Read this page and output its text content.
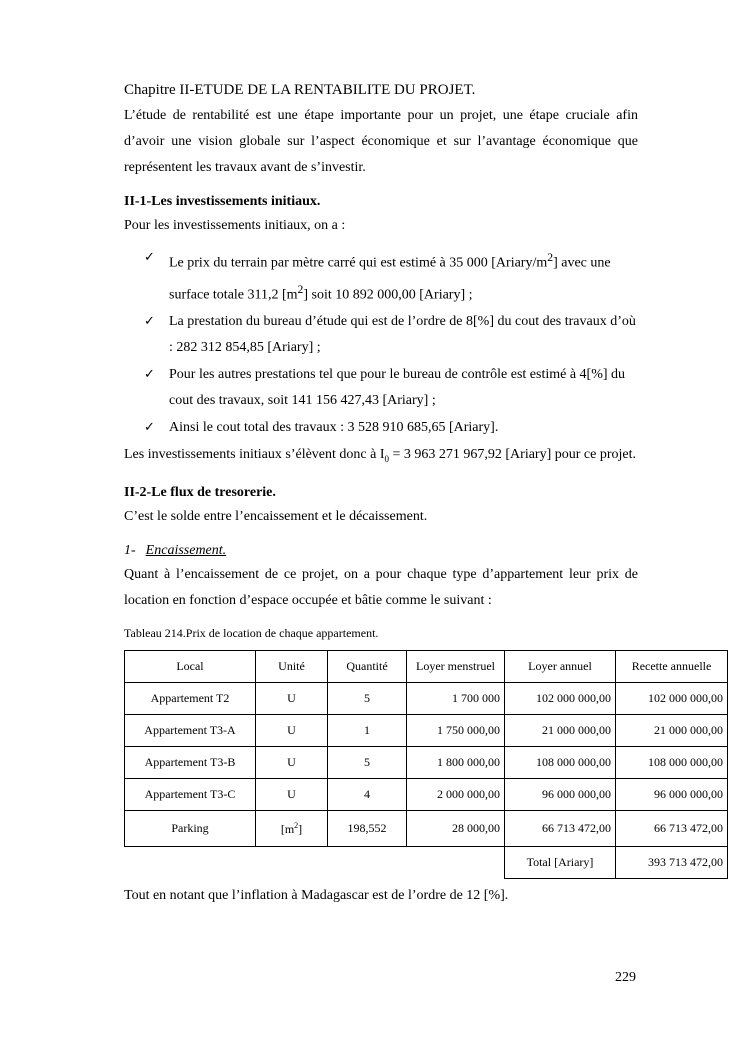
Chapitre II-ETUDE DE LA RENTABILITE DU PROJET.

L’étude de rentabilité est une étape importante pour un projet, une étape cruciale afin d’avoir une vision globale sur l’aspect économique et sur l’avantage économique que représentent les travaux avant de s’investir.

II-1-Les investissements initiaux.

Pour les investissements initiaux, on a :

✓ Le prix du terrain par mètre carré qui est estimé à 35 000 $[Ariary/m^2]$ avec une surface totale 311,2 $[m^2]$ soit 10 892 000,00 [Ariary] ;
✓ La prestation du bureau d’étude qui est de l’ordre de 8[%] du cout des travaux d’où : 282 312 854,85 [Ariary] ;
✓ Pour les autres prestations tel que pour le bureau de contrôle est estimé à 4[%] du cout des travaux, soit 141 156 427,43 [Ariary] ;
✓ Ainsi le cout total des travaux : 3 528 910 685,65 [Ariary].

Les investissements initiaux s’élèvent donc à $I_0 = 3$ 963 271 967,92 [Ariary] pour ce projet.

II-2-Le flux de tresorerie.

C’est le solde entre l’encaissement et le décaissement.

1- Encaissement.

Quant à l’encaissement de ce projet, on a pour chaque type d’appartement leur prix de location en fonction d’espace occupée et bâtie comme le suivant :

Tableau 214.Prix de location de chaque appartement.
Local	Unité	Quantité	Loyer menstruel	Loyer annuel	Recette annuelle
Appartement T2	U	5	1 700 000	102 000 000,00	102 000 000,00
Appartement T3-A	U	1	1 750 000,00	21 000 000,00	21 000 000,00
Appartement T3-B	U	5	1 800 000,00	108 000 000,00	108 000 000,00
Appartement T3-C	U	4	2 000 000,00	96 000 000,00	96 000 000,00
Parking	$[m^2]$	198,552	28 000,00	66 713 472,00	66 713 472,00
				Total [Ariary]	393 713 472,00

Tout en notant que l’inflation à Madagascar est de l’ordre de 12 [%].

229
